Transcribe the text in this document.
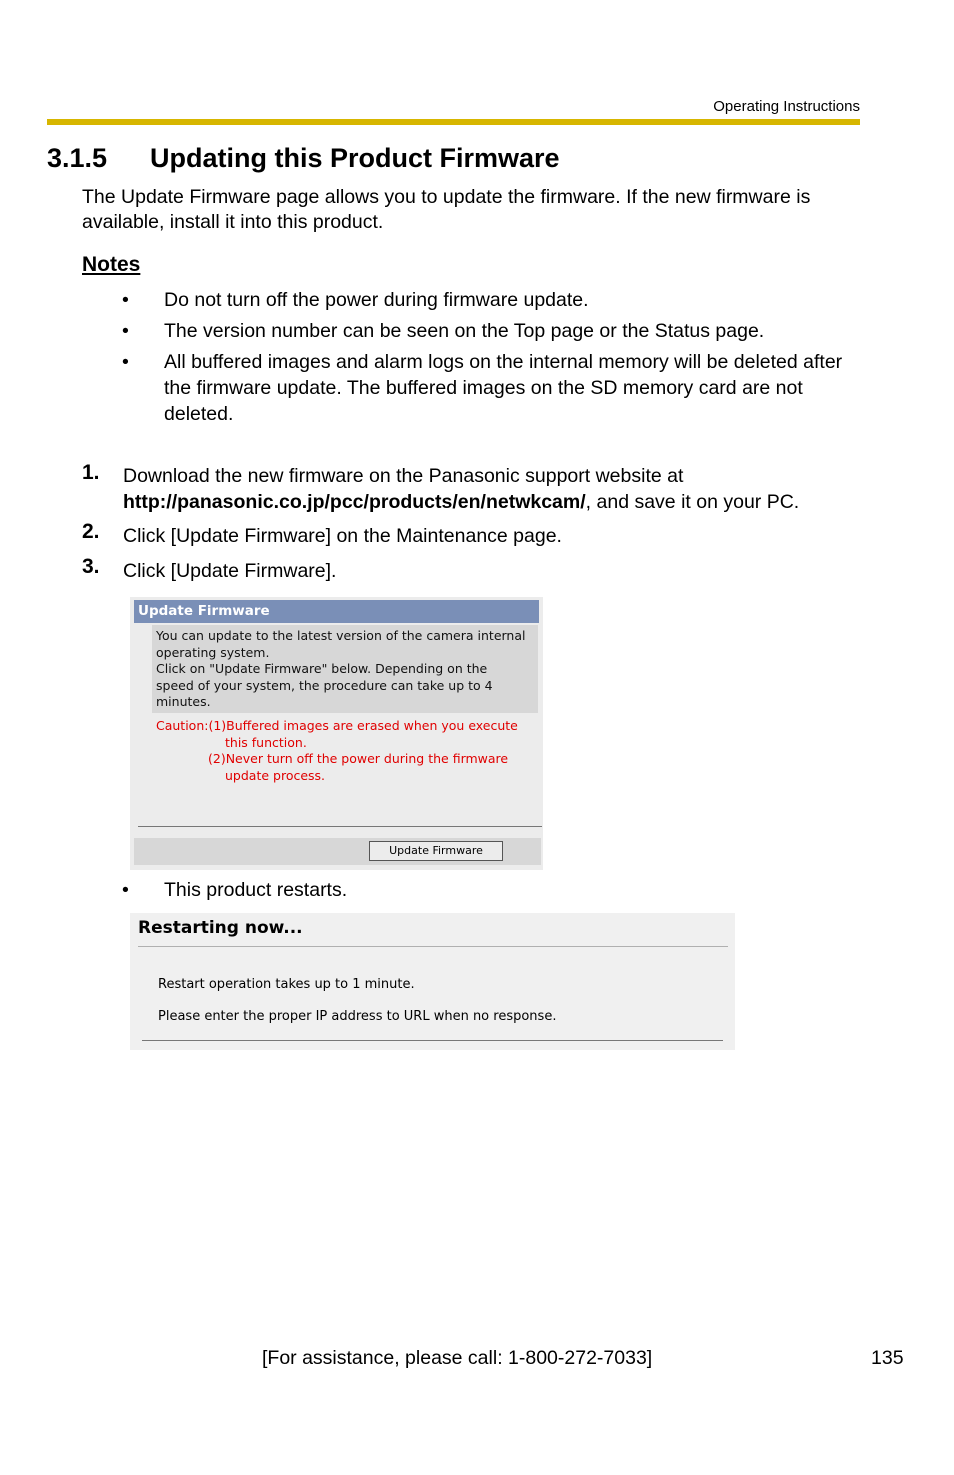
Operating Instructions
3.1.5 Updating this Product Firmware
The Update Firmware page allows you to update the firmware. If the new firmware is available, install it into this product.
Notes
•	Do not turn off the power during firmware update.
•	The version number can be seen on the Top page or the Status page.
•	All buffered images and alarm logs on the internal memory will be deleted after the firmware update. The buffered images on the SD memory card are not deleted.
1. Download the new firmware on the Panasonic support website at http://panasonic.co.jp/pcc/products/en/netwkcam/, and save it on your PC.
2. Click [Update Firmware] on the Maintenance page.
3. Click [Update Firmware].
Update Firmware
You can update to the latest version of the camera internal
operating system.
Click on "Update Firmware" below. Depending on the
speed of your system, the procedure can take up to 4
minutes.
Caution:(1)Buffered images are erased when you execute
this function.
(2)Never turn off the power during the firmware
update process.
Update Firmware
•	This product restarts.
Restarting now...
Restart operation takes up to 1 minute.
Please enter the proper IP address to URL when no response.
[For assistance, please call: 1-800-272-7033]	135
